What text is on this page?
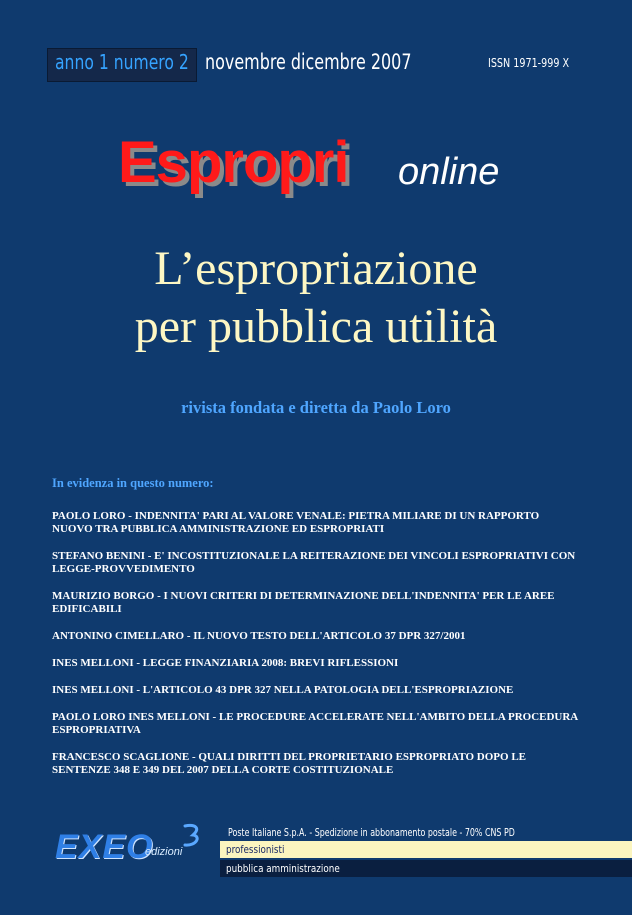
anno 1 numero 2 novembre dicembre 2007	ISSN 1971-999 X
Espropri online
L’espropriazione
per pubblica utilità
rivista fondata e diretta da Paolo Loro
In evidenza in questo numero:
PAOLO LORO - INDENNITA' PARI AL VALORE VENALE: PIETRA MILIARE DI UN RAPPORTO NUOVO TRA PUBBLICA AMMINISTRAZIONE ED ESPROPRIATI
STEFANO BENINI - E' INCOSTITUZIONALE LA REITERAZIONE DEI VINCOLI ESPROPRIATIVI CON LEGGE-PROVVEDIMENTO
MAURIZIO BORGO - I NUOVI CRITERI DI DETERMINAZIONE DELL'INDENNITA' PER LE AREE EDIFICABILI
ANTONINO CIMELLARO - IL NUOVO TESTO DELL'ARTICOLO 37 DPR 327/2001
INES MELLONI - LEGGE FINANZIARIA 2008: BREVI RIFLESSIONI
INES MELLONI - L'ARTICOLO 43 DPR 327 NELLA PATOLOGIA DELL'ESPROPRIAZIONE
PAOLO LORO INES MELLONI - LE PROCEDURE ACCELERATE NELL'AMBITO DELLA PROCEDURA ESPROPRIATIVA
FRANCESCO SCAGLIONE - QUALI DIRITTI DEL PROPRIETARIO ESPROPRIATO DOPO LE SENTENZE 348 E 349 DEL 2007 DELLA CORTE COSTITUZIONALE
EXEO
edizioni
Poste Italiane S.p.A. - Spedizione in abbonamento postale - 70% CNS PD
professionisti
pubblica amministrazione
